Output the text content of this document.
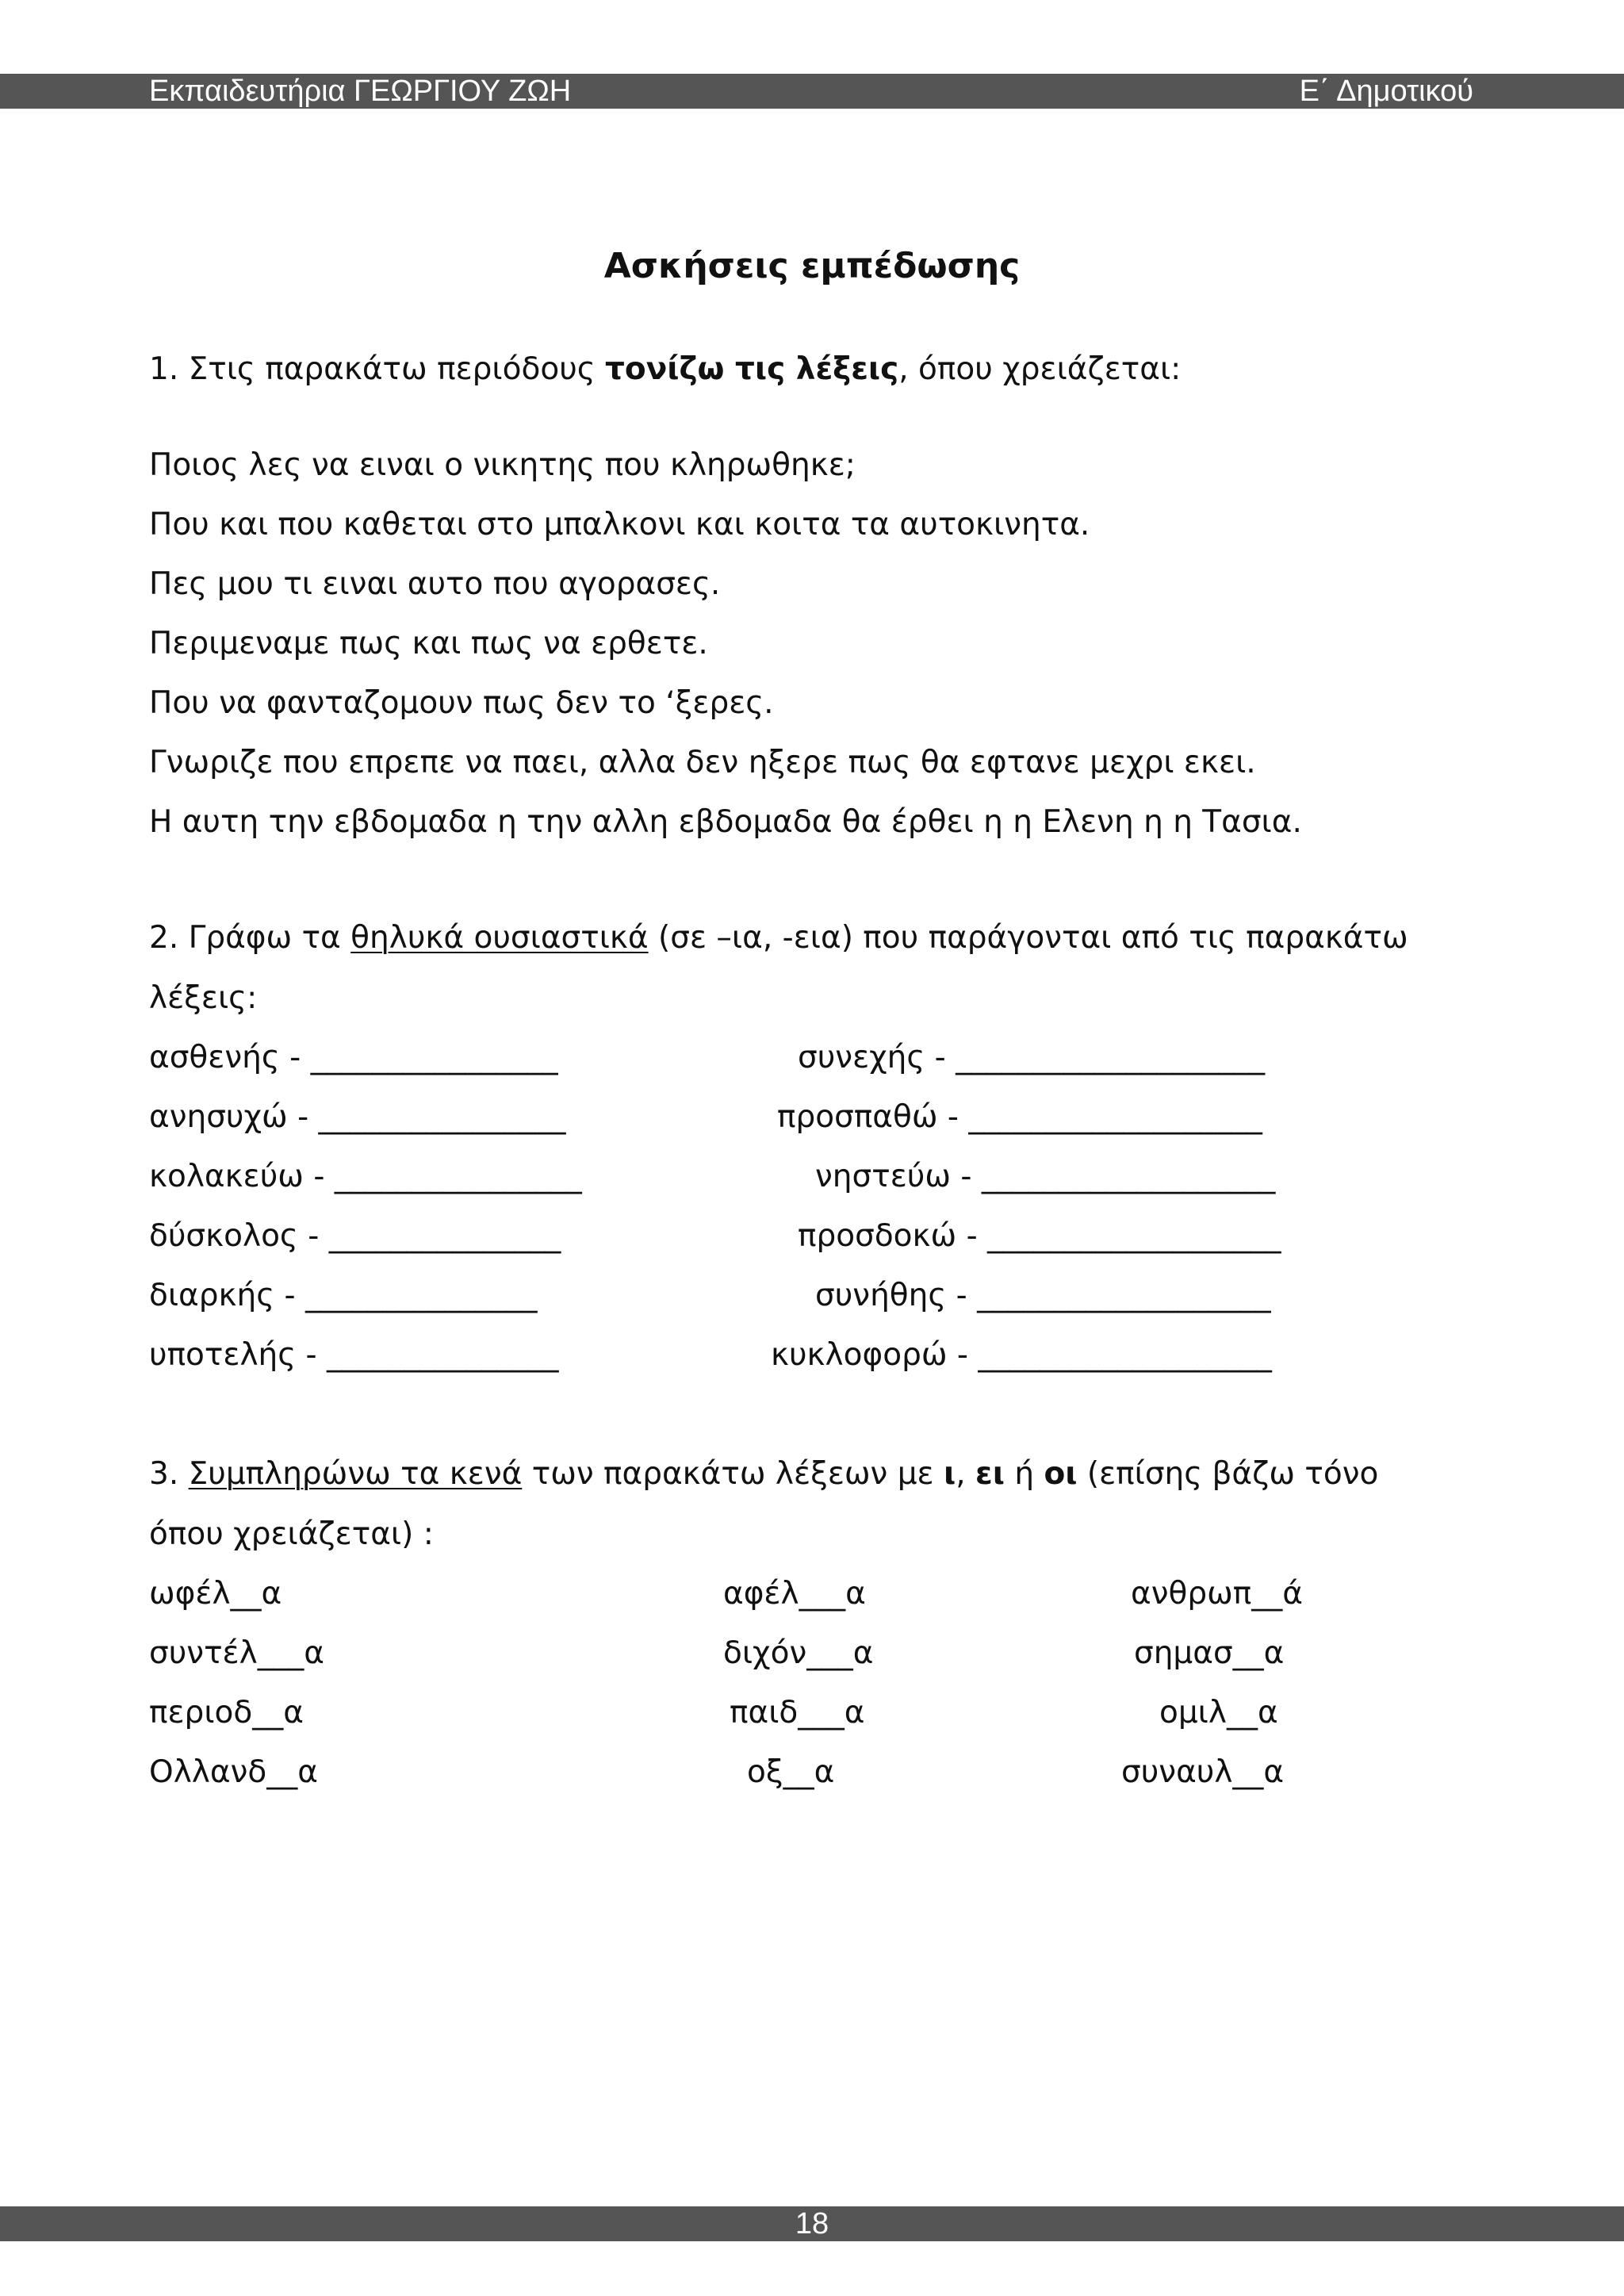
Εκπαιδευτήρια ΓΕΩΡΓΙΟΥ ΖΩΗ	Ε΄ Δημοτικού
Ασκήσεις εμπέδωσης
1. Στις παρακάτω περιόδους τονίζω τις λέξεις, όπου χρειάζεται:
Ποιος λες να ειναι ο νικητης που κληρωθηκε;
Που και που καθεται στο μπαλκονι και κοιτα τα αυτοκινητα.
Πες μου τι ειναι αυτο που αγορασες.
Περιμεναμε πως και πως να ερθετε.
Που να φανταζομουν πως δεν το ‘ξερες.
Γνωριζε που επρεπε να παει, αλλα δεν ηξερε πως θα εφτανε μεχρι εκει.
Η αυτη την εβδομαδα η την αλλη εβδομαδα θα έρθει η η Ελενη η η Τασια.
2. Γράφω τα θηλυκά ουσιαστικά (σε –ια, -εια) που παράγονται από τις παρακάτω
λέξεις:
ασθενής - ________________
ανησυχώ - ________________
κολακεύω - ________________
δύσκολος - _______________
διαρκής - _______________
υποτελής - _______________
συνεχής - ____________________
προσπαθώ - ___________________
νηστεύω - ___________________
προσδοκώ - ___________________
συνήθης - ___________________
κυκλοφορώ - ___________________
3. Συμπληρώνω τα κενά των παρακάτω λέξεων με ι, ει ή οι (επίσης βάζω τόνο
όπου χρειάζεται) :
ωφέλ__α
συντέλ___α
περιοδ__α
Ολλανδ__α
αφέλ___α
διχόν___α
παιδ___α
οξ__α
ανθρωπ__ά
σημασ__α
ομιλ__α
συναυλ__α
18
